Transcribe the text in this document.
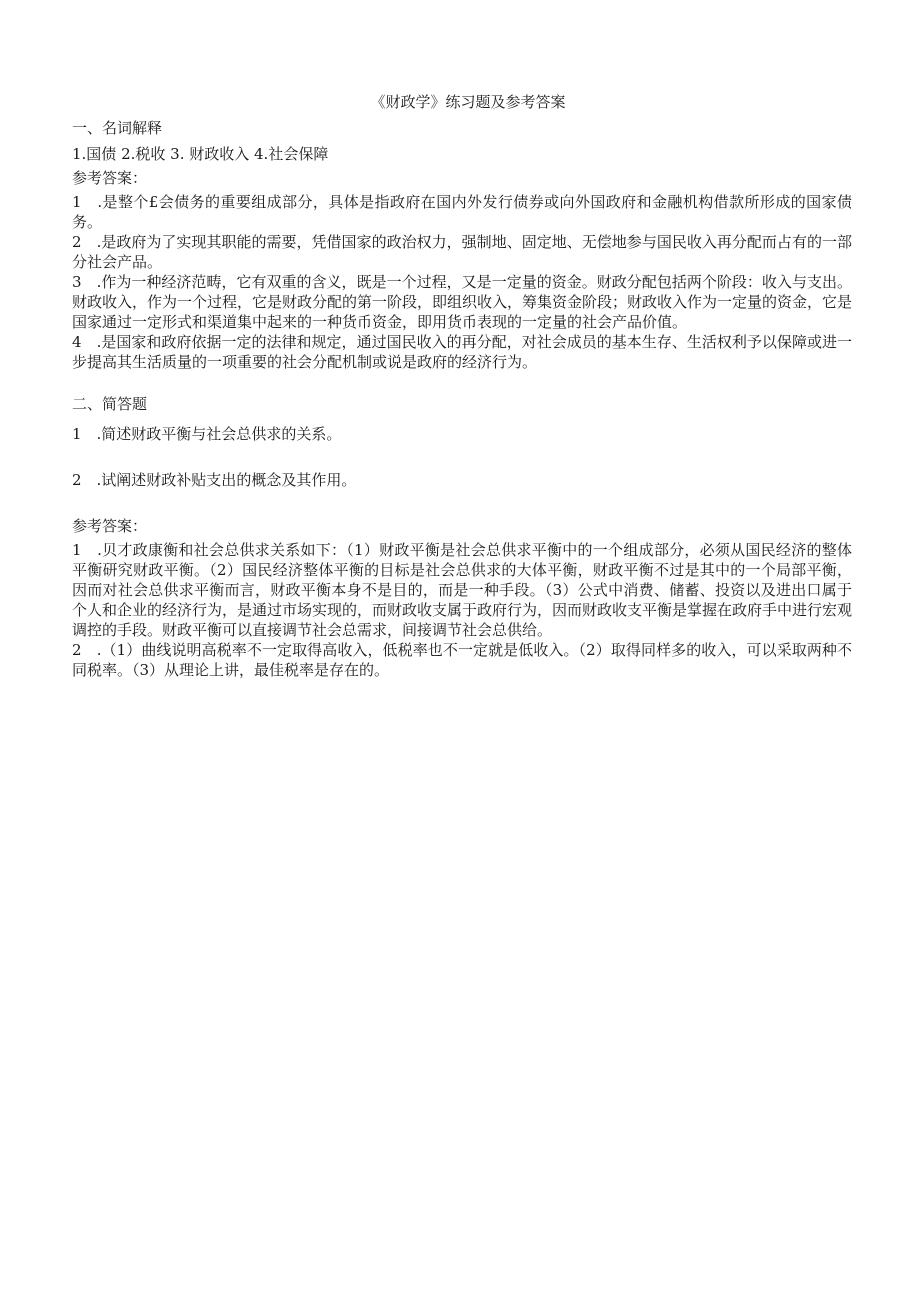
《财政学》练习题及参考答案
一、名词解释
1.国债 2.税收 3. 财政收入 4.社会保障
参考答案：

1　.是整个£会债务的重要组成部分，具体是指政府在国内外发行债券或向外国政府和金融机构借款所形成的国家债务。

2　.是政府为了实现其职能的需要，凭借国家的政治权力，强制地、固定地、无偿地参与国民收入再分配而占有的一部分社会产品。

3　.作为一种经济范畴，它有双重的含义，既是一个过程，又是一定量的资金。财政分配包括两个阶段：收入与支出。财政收入，作为一个过程，它是财政分配的第一阶段，即组织收入，筹集资金阶段；财政收入作为一定量的资金，它是国家通过一定形式和渠道集中起来的一种货币资金，即用货币表现的一定量的社会产品价值。

4　.是国家和政府依据一定的法律和规定，通过国民收入的再分配，对社会成员的基本生存、生活权利予以保障或进一步提高其生活质量的一项重要的社会分配机制或说是政府的经济行为。

二、简答题
1　.简述财政平衡与社会总供求的关系。
2　.试阐述财政补贴支出的概念及其作用。
参考答案：

1　.贝才政康衡和社会总供求关系如下：（1）财政平衡是社会总供求平衡中的一个组成部分，必须从国民经济的整体平衡研究财政平衡。（2）国民经济整体平衡的目标是社会总供求的大体平衡，财政平衡不过是其中的一个局部平衡，因而对社会总供求平衡而言，财政平衡本身不是目的，而是一种手段。（3）公式中消费、储蓄、投资以及进出口属于个人和企业的经济行为，是通过市场实现的，而财政收支属于政府行为，因而财政收支平衡是掌握在政府手中进行宏观调控的手段。财政平衡可以直接调节社会总需求，间接调节社会总供给。

2　.（1）曲线说明高税率不一定取得高收入，低税率也不一定就是低收入。（2）取得同样多的收入，可以采取两种不同税率。（3）从理论上讲，最佳税率是存在的。
